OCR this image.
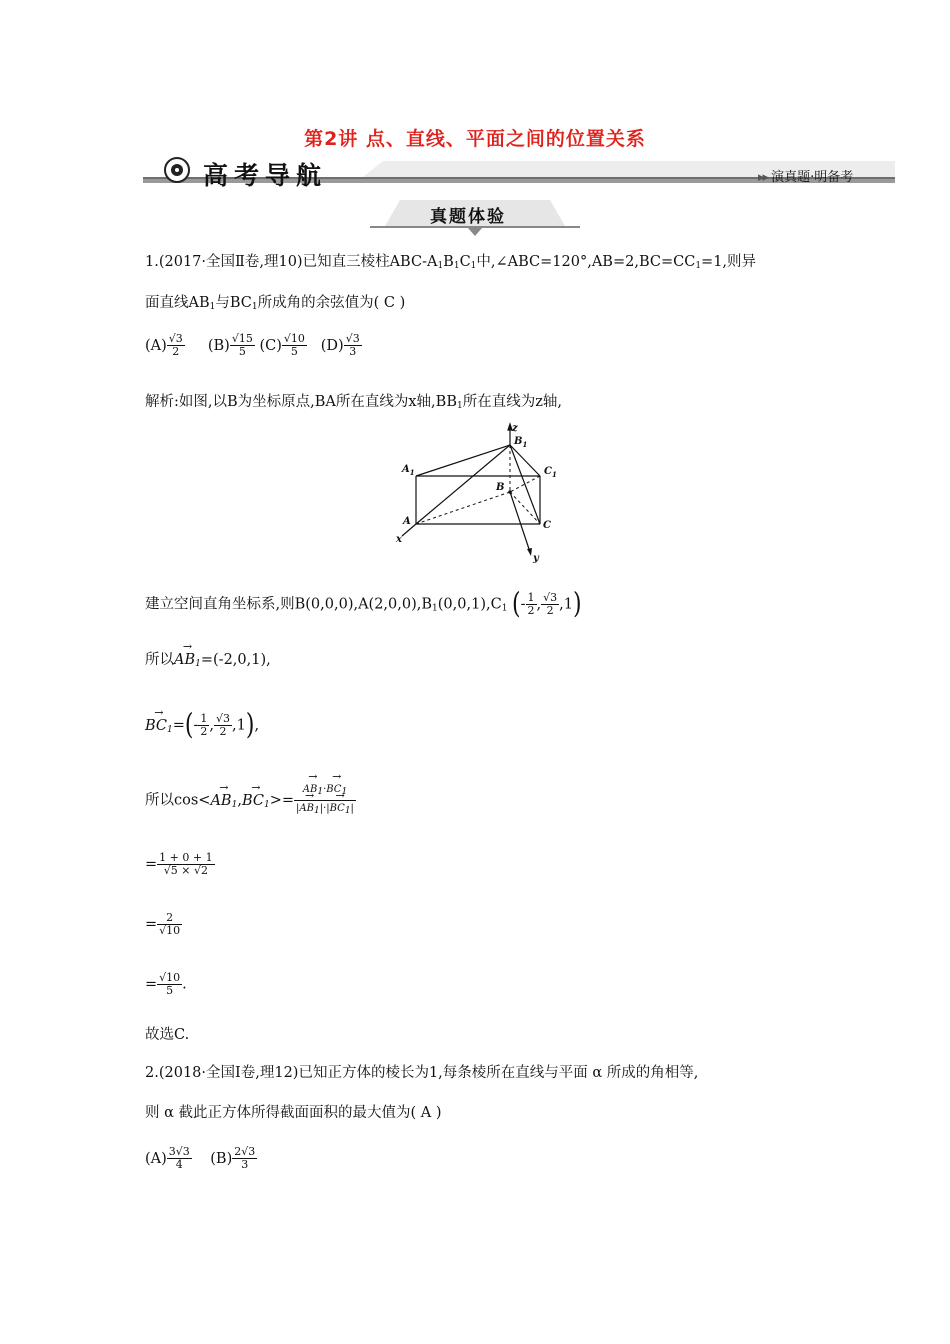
第2讲 点、直线、平面之间的位置关系
高考导航	▸▸ 演真题·明备考
真题体验
1.(2017·全国Ⅱ卷,理10)已知直三棱柱ABC-$A_1B_1C_1$中$,\angle ABC=120^\circ,AB=2,BC=CC_1=1$,则异
面直线$AB_1$与$BC_1$所成角的余弦值为( C )
$(A) \frac{√3}{2} (B) \frac{√15}{5} (C) \frac{√10}{5} (D) \frac{√3}{3}$
解析:如图,以B为坐标原点,BA所在直线为x轴$,BB_1$所在直线为z轴,
z
$B_1$
$A_1$	$C_1$
B
A	C
x
y
建立空间直角坐标系,则$B(0,0,0),A(2,0,0),B_1(0,0,1),C_1$ (- $\frac{1}{2}$ , $\frac{√3}{2} ,1$)
所以→ $AB_1=(-2,0,1)$,
→ $BC_1=(- \frac{1}{2}$ , $\frac{√3}{2} ,1$),
所以$\cos<\to AB_1,\to BC_1>=$
→ $\frac{AB_1\cdot\to BC_1}{|\to AB_1|\cdot|\to BC_1|}$
= $\frac{1 + 0 + 1}{√5 \times √2}$
= $\frac{2}{√10}$
= $\frac{√10}{5}$ .
故选C.
2.(2018·全国Ⅰ卷,理12)已知正方体的棱长为1,每条棱所在直线与平面 α 所成的角相等,
则 α 截此正方体所得截面面积的最大值为( A )
$(A) \frac{3√3}{4} (B) \frac{2√3}{3}$
